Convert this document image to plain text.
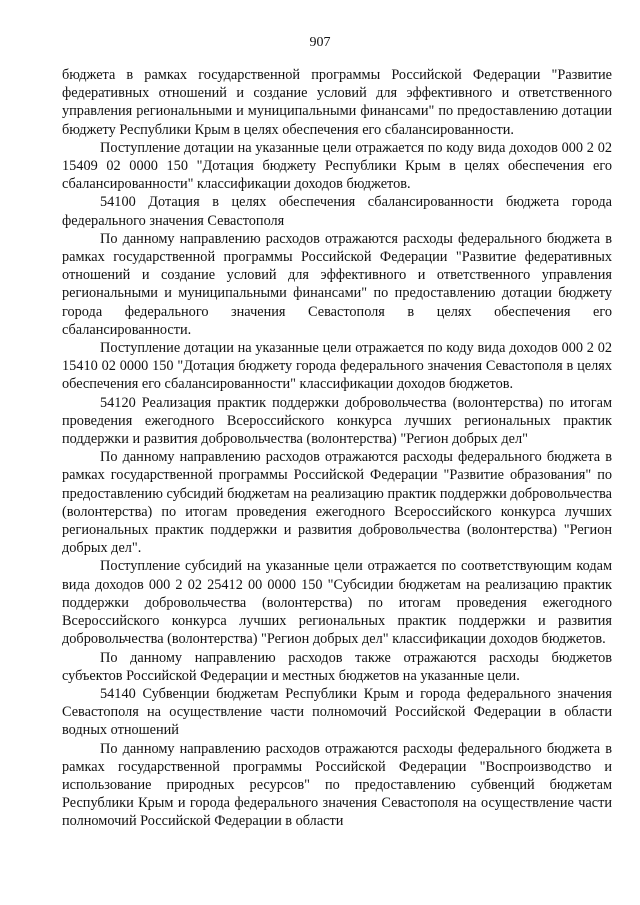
907

бюджета в рамках государственной программы Российской Федерации "Развитие федеративных отношений и создание условий для эффективного и ответственного управления региональными и муниципальными финансами" по предоставлению дотации бюджету Республики Крым в целях обеспечения его сбалансированности.

Поступление дотации на указанные цели отражается по коду вида доходов 000 2 02 15409 02 0000 150 "Дотация бюджету Республики Крым в целях обеспечения его сбалансированности" классификации доходов бюджетов.

54100 Дотация в целях обеспечения сбалансированности бюджета города федерального значения Севастополя

По данному направлению расходов отражаются расходы федерального бюджета в рамках государственной программы Российской Федерации "Развитие федеративных отношений и создание условий для эффективного и ответственного управления региональными и муниципальными финансами" по предоставлению дотации бюджету города федерального значения Севастополя в целях обеспечения его сбалансированности.

Поступление дотации на указанные цели отражается по коду вида доходов 000 2 02 15410 02 0000 150 "Дотация бюджету города федерального значения Севастополя в целях обеспечения его сбалансированности" классификации доходов бюджетов.

54120 Реализация практик поддержки добровольчества (волонтерства) по итогам проведения ежегодного Всероссийского конкурса лучших региональных практик поддержки и развития добровольчества (волонтерства) "Регион добрых дел"

По данному направлению расходов отражаются расходы федерального бюджета в рамках государственной программы Российской Федерации "Развитие образования" по предоставлению субсидий бюджетам на реализацию практик поддержки добровольчества (волонтерства) по итогам проведения ежегодного Всероссийского конкурса лучших региональных практик поддержки и развития добровольчества (волонтерства) "Регион добрых дел".

Поступление субсидий на указанные цели отражается по соответствующим кодам вида доходов 000 2 02 25412 00 0000 150 "Субсидии бюджетам на реализацию практик поддержки добровольчества (волонтерства) по итогам проведения ежегодного Всероссийского конкурса лучших региональных практик поддержки и развития добровольчества (волонтерства) "Регион добрых дел" классификации доходов бюджетов.

По данному направлению расходов также отражаются расходы бюджетов субъектов Российской Федерации и местных бюджетов на указанные цели.

54140 Субвенции бюджетам Республики Крым и города федерального значения Севастополя на осуществление части полномочий Российской Федерации в области водных отношений

По данному направлению расходов отражаются расходы федерального бюджета в рамках государственной программы Российской Федерации "Воспроизводство и использование природных ресурсов" по предоставлению субвенций бюджетам Республики Крым и города федерального значения Севастополя на осуществление части полномочий Российской Федерации в области
